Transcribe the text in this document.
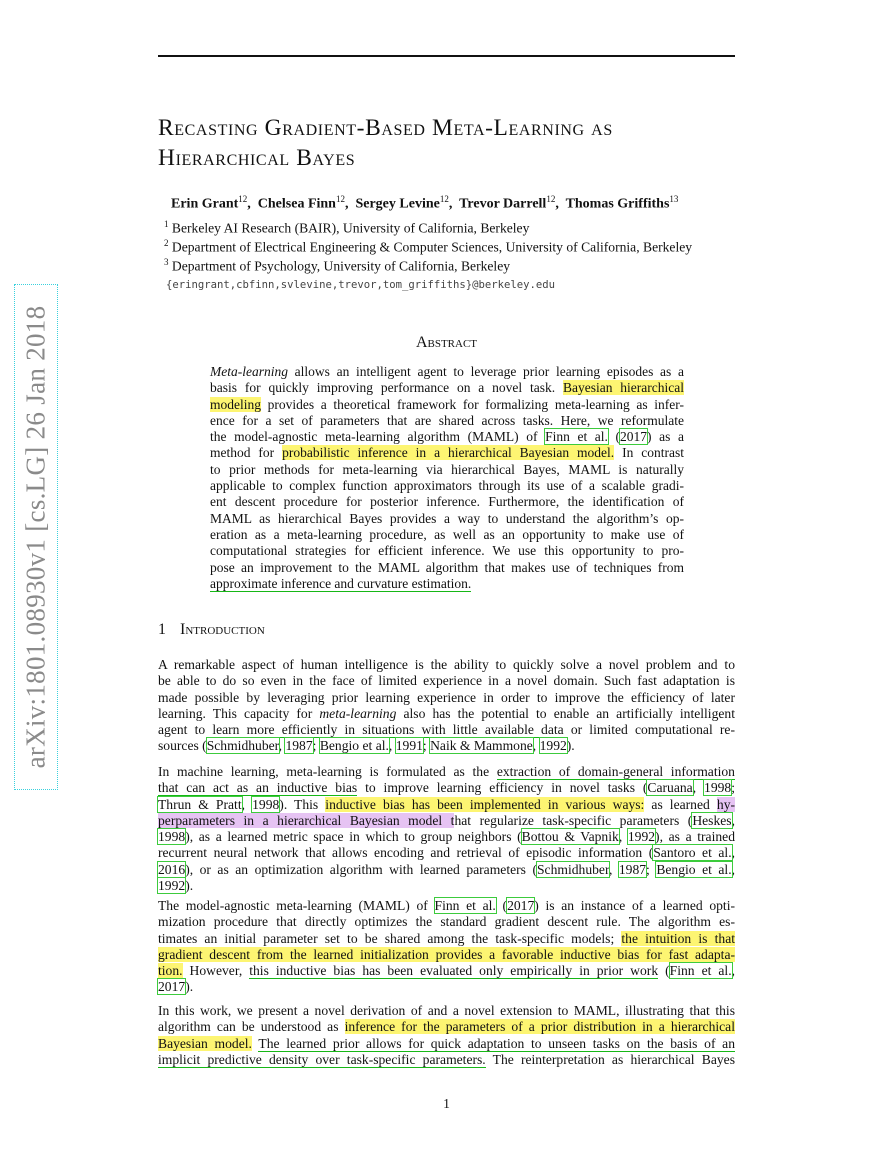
arXiv:1801.08930v1 [cs.LG] 26 Jan 2018
Recasting Gradient-Based Meta-Learning as
Hierarchical Bayes
Erin Grant$^{12}$,  Chelsea Finn$^{12}$,  Sergey Levine$^{12}$,  Trevor Darrell$^{12}$,  Thomas Griffiths$^{13}$
$^1$ Berkeley AI Research (BAIR), University of California, Berkeley
$^2$ Department of Electrical Engineering & Computer Sciences, University of California, Berkeley
$^3$ Department of Psychology, University of California, Berkeley
{eringrant,cbfinn,svlevine,trevor,tom_griffiths}@berkeley.edu
Abstract
Meta-learning allows an intelligent agent to leverage prior learning episodes as a
basis for quickly improving performance on a novel task. Bayesian hierarchical
modeling provides a theoretical framework for formalizing meta-learning as infer-
ence for a set of parameters that are shared across tasks. Here, we reformulate
the model-agnostic meta-learning algorithm (MAML) of Finn et al. (2017) as a
method for probabilistic inference in a hierarchical Bayesian model. In contrast
to prior methods for meta-learning via hierarchical Bayes, MAML is naturally
applicable to complex function approximators through its use of a scalable gradi-
ent descent procedure for posterior inference. Furthermore, the identification of
MAML as hierarchical Bayes provides a way to understand the algorithm’s op-
eration as a meta-learning procedure, as well as an opportunity to make use of
computational strategies for efficient inference. We use this opportunity to pro-
pose an improvement to the MAML algorithm that makes use of techniques from
approximate inference and curvature estimation.
1 Introduction
A remarkable aspect of human intelligence is the ability to quickly solve a novel problem and to
be able to do so even in the face of limited experience in a novel domain. Such fast adaptation is
made possible by leveraging prior learning experience in order to improve the efficiency of later
learning. This capacity for meta-learning also has the potential to enable an artificially intelligent
agent to learn more efficiently in situations with little available data or limited computational re-
sources (Schmidhuber, 1987; Bengio et al., 1991; Naik & Mammone, 1992).
In machine learning, meta-learning is formulated as the extraction of domain-general information
that can act as an inductive bias to improve learning efficiency in novel tasks (Caruana, 1998;
Thrun & Pratt, 1998). This inductive bias has been implemented in various ways: as learned hy-
perparameters in a hierarchical Bayesian model that regularize task-specific parameters (Heskes,
1998), as a learned metric space in which to group neighbors (Bottou & Vapnik, 1992), as a trained
recurrent neural network that allows encoding and retrieval of episodic information (Santoro et al.,
2016), or as an optimization algorithm with learned parameters (Schmidhuber, 1987; Bengio et al.,
1992).
The model-agnostic meta-learning (MAML) of Finn et al. (2017) is an instance of a learned opti-
mization procedure that directly optimizes the standard gradient descent rule. The algorithm es-
timates an initial parameter set to be shared among the task-specific models; the intuition is that
gradient descent from the learned initialization provides a favorable inductive bias for fast adapta-
tion. However, this inductive bias has been evaluated only empirically in prior work (Finn et al.,
2017).
In this work, we present a novel derivation of and a novel extension to MAML, illustrating that this
algorithm can be understood as inference for the parameters of a prior distribution in a hierarchical
Bayesian model. The learned prior allows for quick adaptation to unseen tasks on the basis of an
implicit predictive density over task-specific parameters. The reinterpretation as hierarchical Bayes
1
